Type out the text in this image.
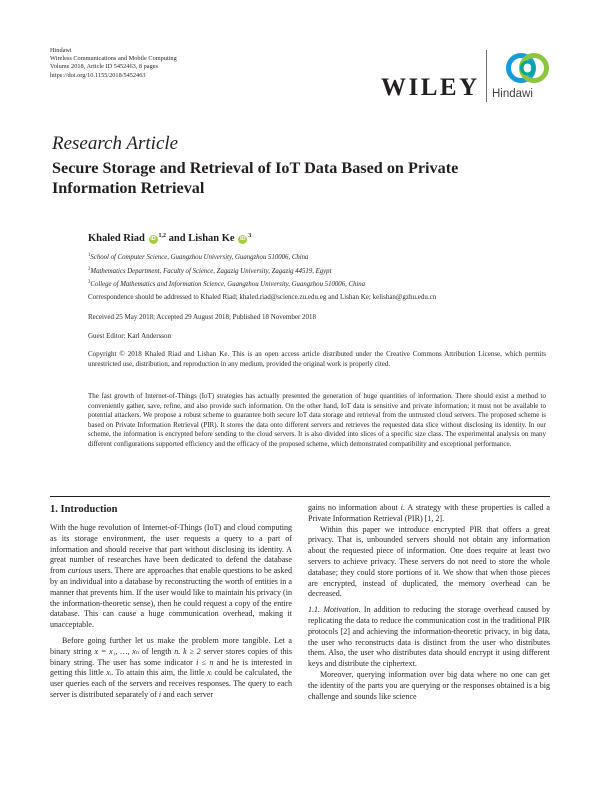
Hindawi
Wireless Communications and Mobile Computing
Volume 2018, Article ID 5452463, 8 pages
https://doi.org/10.1155/2018/5452463	WILEY Hindawi
Research Article
Secure Storage and Retrieval of IoT Data Based on Private Information Retrieval
Khaled Riad iD $^{1,2}$ and Lishan Ke iD $^3$
$^1$School of Computer Science, Guangzhou University, Guangzhou 510006, China
$^2$Mathematics Department, Faculty of Science, Zagazig University, Zagazig 44519, Egypt
$^3$College of Mathematics and Information Science, Guangzhou University, Guangzhou 510006, China
Correspondence should be addressed to Khaled Riad; khaled.riad@science.zu.edu.eg and Lishan Ke; kelishan@gzhu.edu.cn
Received 25 May 2018; Accepted 29 August 2018; Published 18 November 2018
Guest Editor: Karl Andersson
Copyright © 2018 Khaled Riad and Lishan Ke. This is an open access article distributed under the Creative Commons Attribution License, which permits unrestricted use, distribution, and reproduction in any medium, provided the original work is properly cited.
The fast growth of Internet-of-Things (IoT) strategies has actually presented the generation of huge quantities of information. There should exist a method to conveniently gather, save, refine, and also provide such information. On the other hand, IoT data is sensitive and private information; it must not be available to potential attackers. We propose a robust scheme to guarantee both secure IoT data storage and retrieval from the untrusted cloud servers. The proposed scheme is based on Private Information Retrieval (PIR). It stores the data onto different servers and retrieves the requested data slice without disclosing its identity. In our scheme, the information is encrypted before sending to the cloud servers. It is also divided into slices of a specific size class. The experimental analysis on many different configurations supported efficiency and the efficacy of the proposed scheme, which demonstrated compatibility and exceptional performance.
1. Introduction

With the huge revolution of Internet-of-Things (IoT) and cloud computing as its storage environment, the user requests a query to a part of information and should receive that part without disclosing its identity. A great number of researches have been dedicated to defend the database from curious users. There are approaches that enable questions to be asked by an individual into a database by reconstructing the worth of entities in a manner that prevents him. If the user would like to maintain his privacy (in the information-theoretic sense), then he could request a copy of the entire database. This can cause a huge communication overhead, making it unacceptable.

Before going further let us make the problem more tangible. Let a binary string x = x₁, …, xₙ of length n. k ≥ 2 server stores copies of this binary string. The user has some indicator i ≤ n and he is interested in getting this little xᵢ. To attain this aim, the little xᵢ could be calculated, the user queries each of the servers and receives responses. The query to each server is distributed separately of i and each server

gains no information about i. A strategy with these properties is called a Private Information Retrieval (PIR) [1, 2].

Within this paper we introduce encrypted PIR that offers a great privacy. That is, unbounded servers should not obtain any information about the requested piece of information. One does require at least two servers to achieve privacy. These servers do not need to store the whole database; they could store portions of it. We show that when those pieces are encrypted, instead of duplicated, the memory overhead can be decreased.

1.1. Motivation. In addition to reducing the storage overhead caused by replicating the data to reduce the communication cost in the traditional PIR protocols [2] and achieving the information-theoretic privacy, in big data, the user who reconstructs data is distinct from the user who distributes them. Also, the user who distributes data should encrypt it using different keys and distribute the ciphertext.

Moreover, querying information over big data where no one can get the identity of the parts you are querying or the responses obtained is a big challenge and sounds like science
